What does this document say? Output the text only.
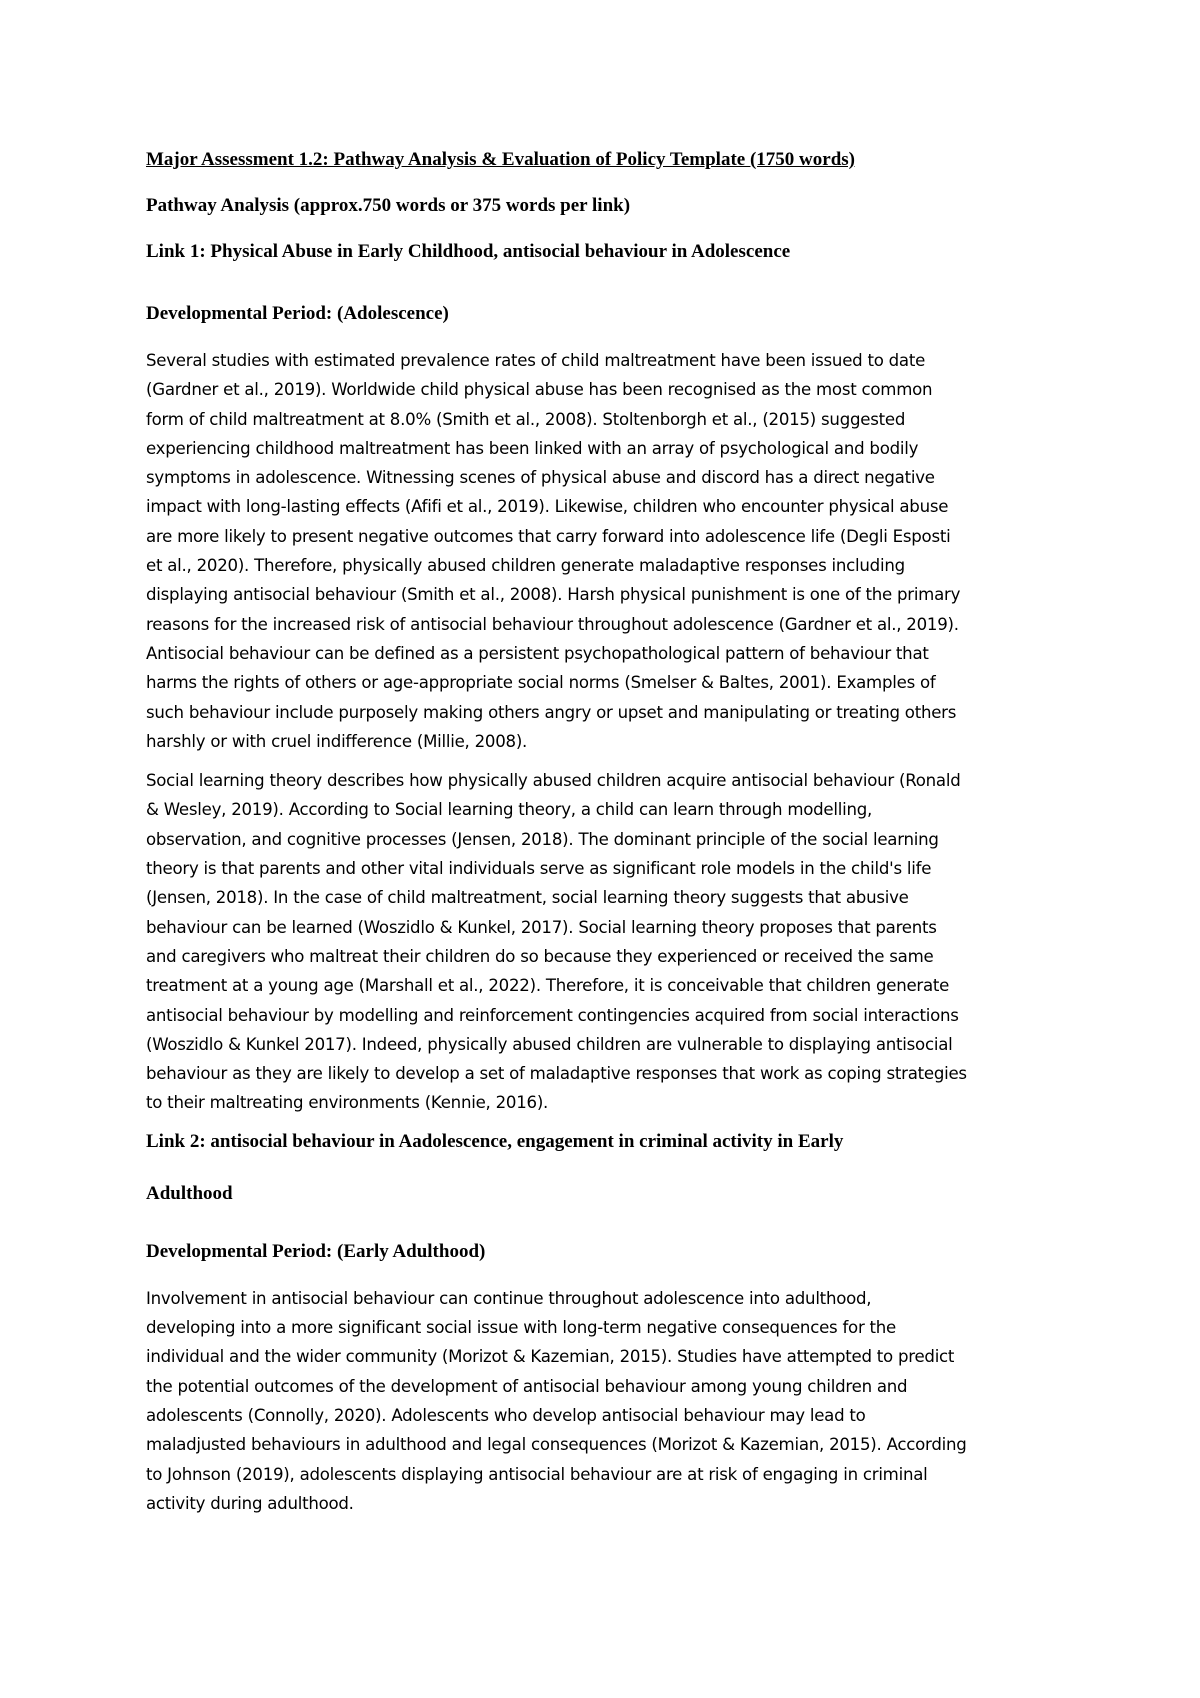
Major Assessment 1.2: Pathway Analysis & Evaluation of Policy Template (1750 words)
Pathway Analysis (approx.750 words or 375 words per link)
Link 1: Physical Abuse in Early Childhood, antisocial behaviour in Adolescence
Developmental Period: (Adolescence)
Several studies with estimated prevalence rates of child maltreatment have been issued to date
(Gardner et al., 2019). Worldwide child physical abuse has been recognised as the most common
form of child maltreatment at 8.0% (Smith et al., 2008). Stoltenborgh et al., (2015) suggested
experiencing childhood maltreatment has been linked with an array of psychological and bodily
symptoms in adolescence. Witnessing scenes of physical abuse and discord has a direct negative
impact with long-lasting effects (Afifi et al., 2019). Likewise, children who encounter physical abuse
are more likely to present negative outcomes that carry forward into adolescence life (Degli Esposti
et al., 2020). Therefore, physically abused children generate maladaptive responses including
displaying antisocial behaviour (Smith et al., 2008). Harsh physical punishment is one of the primary
reasons for the increased risk of antisocial behaviour throughout adolescence (Gardner et al., 2019).
Antisocial behaviour can be defined as a persistent psychopathological pattern of behaviour that
harms the rights of others or age-appropriate social norms (Smelser & Baltes, 2001). Examples of
such behaviour include purposely making others angry or upset and manipulating or treating others
harshly or with cruel indifference (Millie, 2008).
Social learning theory describes how physically abused children acquire antisocial behaviour (Ronald
& Wesley, 2019). According to Social learning theory, a child can learn through modelling,
observation, and cognitive processes (Jensen, 2018). The dominant principle of the social learning
theory is that parents and other vital individuals serve as significant role models in the child's life
(Jensen, 2018). In the case of child maltreatment, social learning theory suggests that abusive
behaviour can be learned (Woszidlo & Kunkel, 2017). Social learning theory proposes that parents
and caregivers who maltreat their children do so because they experienced or received the same
treatment at a young age (Marshall et al., 2022). Therefore, it is conceivable that children generate
antisocial behaviour by modelling and reinforcement contingencies acquired from social interactions
(Woszidlo & Kunkel 2017). Indeed, physically abused children are vulnerable to displaying antisocial
behaviour as they are likely to develop a set of maladaptive responses that work as coping strategies
to their maltreating environments (Kennie, 2016).
Link 2: antisocial behaviour in Aadolescence, engagement in criminal activity in Early
Adulthood
Developmental Period: (Early Adulthood)
Involvement in antisocial behaviour can continue throughout adolescence into adulthood,
developing into a more significant social issue with long-term negative consequences for the
individual and the wider community (Morizot & Kazemian, 2015). Studies have attempted to predict
the potential outcomes of the development of antisocial behaviour among young children and
adolescents (Connolly, 2020). Adolescents who develop antisocial behaviour may lead to
maladjusted behaviours in adulthood and legal consequences (Morizot & Kazemian, 2015). According
to Johnson (2019), adolescents displaying antisocial behaviour are at risk of engaging in criminal
activity during adulthood.
